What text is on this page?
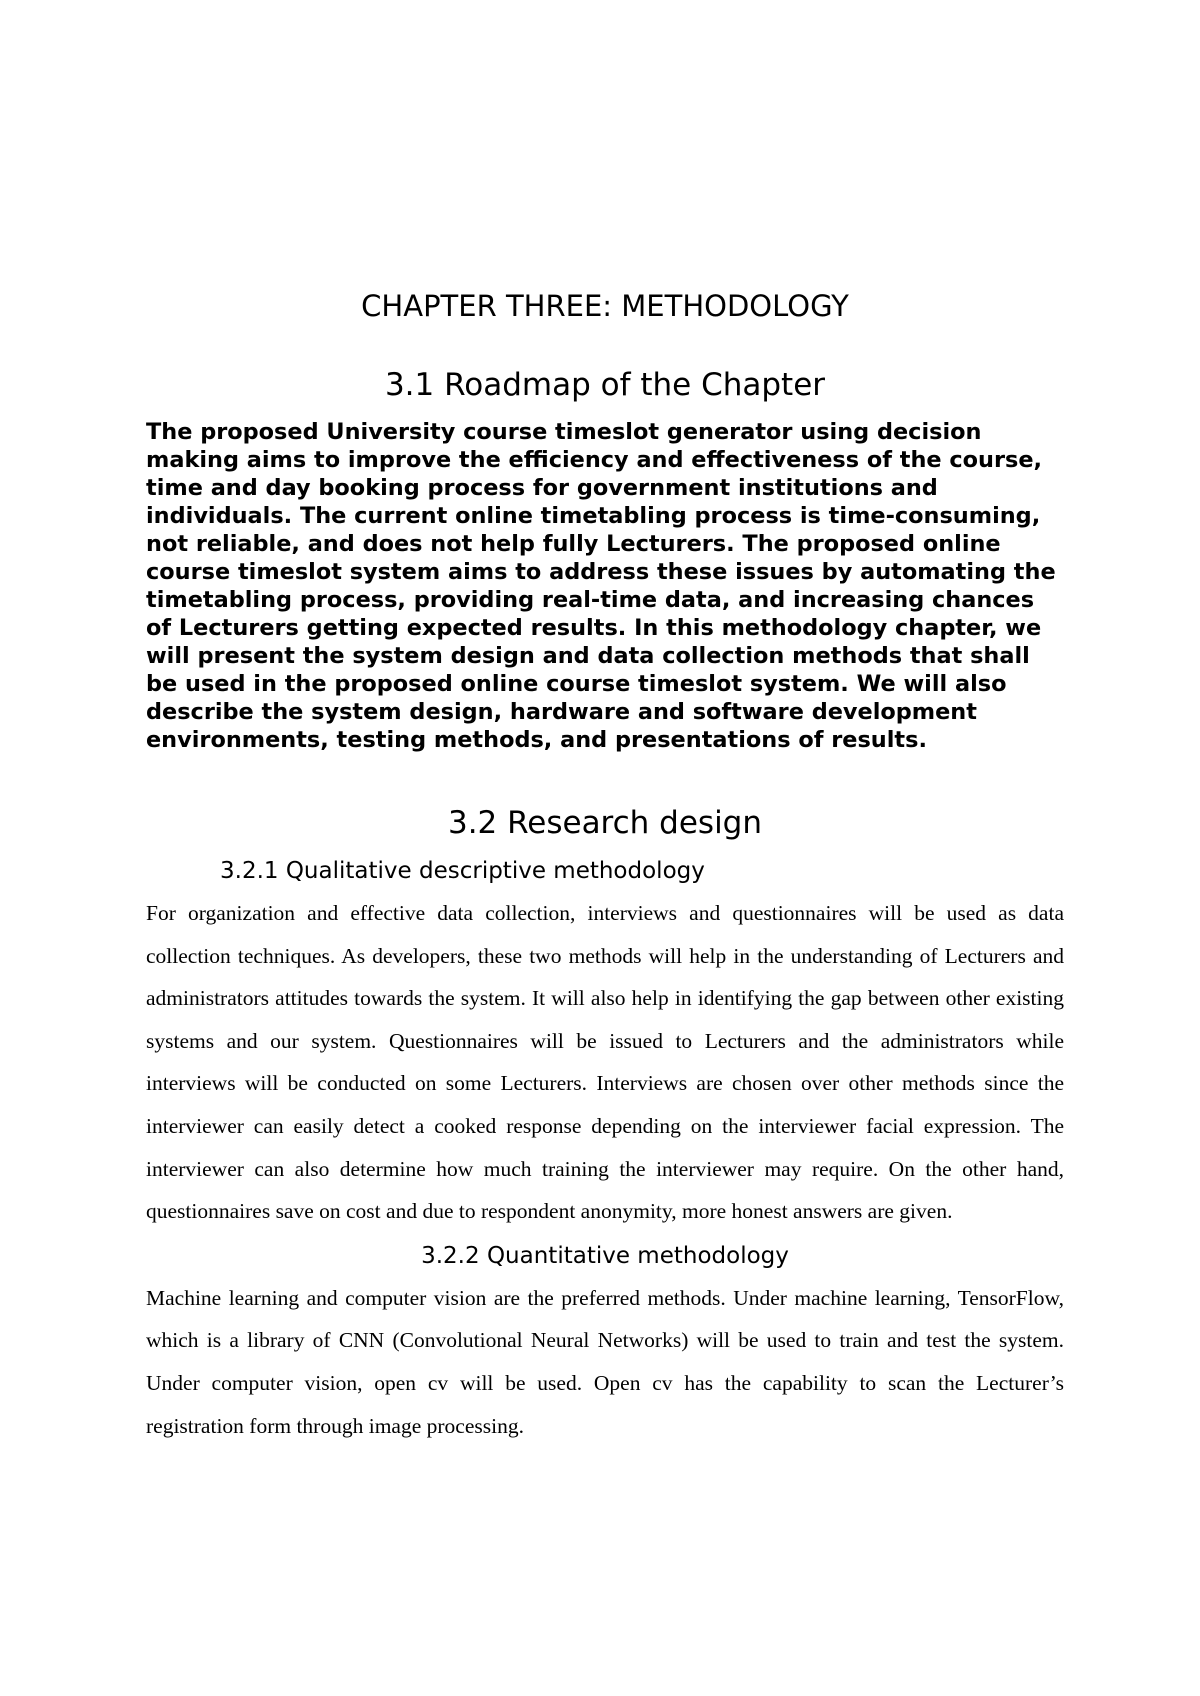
CHAPTER THREE: METHODOLOGY
3.1 Roadmap of the Chapter

The proposed University course timeslot generator using decision making aims to improve the efficiency and effectiveness of the course, time and day booking process for government institutions and individuals. The current online timetabling process is time-consuming, not reliable, and does not help fully Lecturers. The proposed online course timeslot system aims to address these issues by automating the timetabling process, providing real-time data, and increasing chances of Lecturers getting expected results. In this methodology chapter, we will present the system design and data collection methods that shall be used in the proposed online course timeslot system. We will also describe the system design, hardware and software development environments, testing methods, and presentations of results.

3.2 Research design
3.2.1 Qualitative descriptive methodology

For organization and effective data collection, interviews and questionnaires will be used as data collection techniques. As developers, these two methods will help in the understanding of Lecturers and administrators attitudes towards the system. It will also help in identifying the gap between other existing systems and our system. Questionnaires will be issued to Lecturers and the administrators while interviews will be conducted on some Lecturers. Interviews are chosen over other methods since the interviewer can easily detect a cooked response depending on the interviewer facial expression. The interviewer can also determine how much training the interviewer may require. On the other hand, questionnaires save on cost and due to respondent anonymity, more honest answers are given.

3.2.2 Quantitative methodology

Machine learning and computer vision are the preferred methods. Under machine learning, TensorFlow, which is a library of CNN (Convolutional Neural Networks) will be used to train and test the system. Under computer vision, open cv will be used. Open cv has the capability to scan the Lecturer’s registration form through image processing.
